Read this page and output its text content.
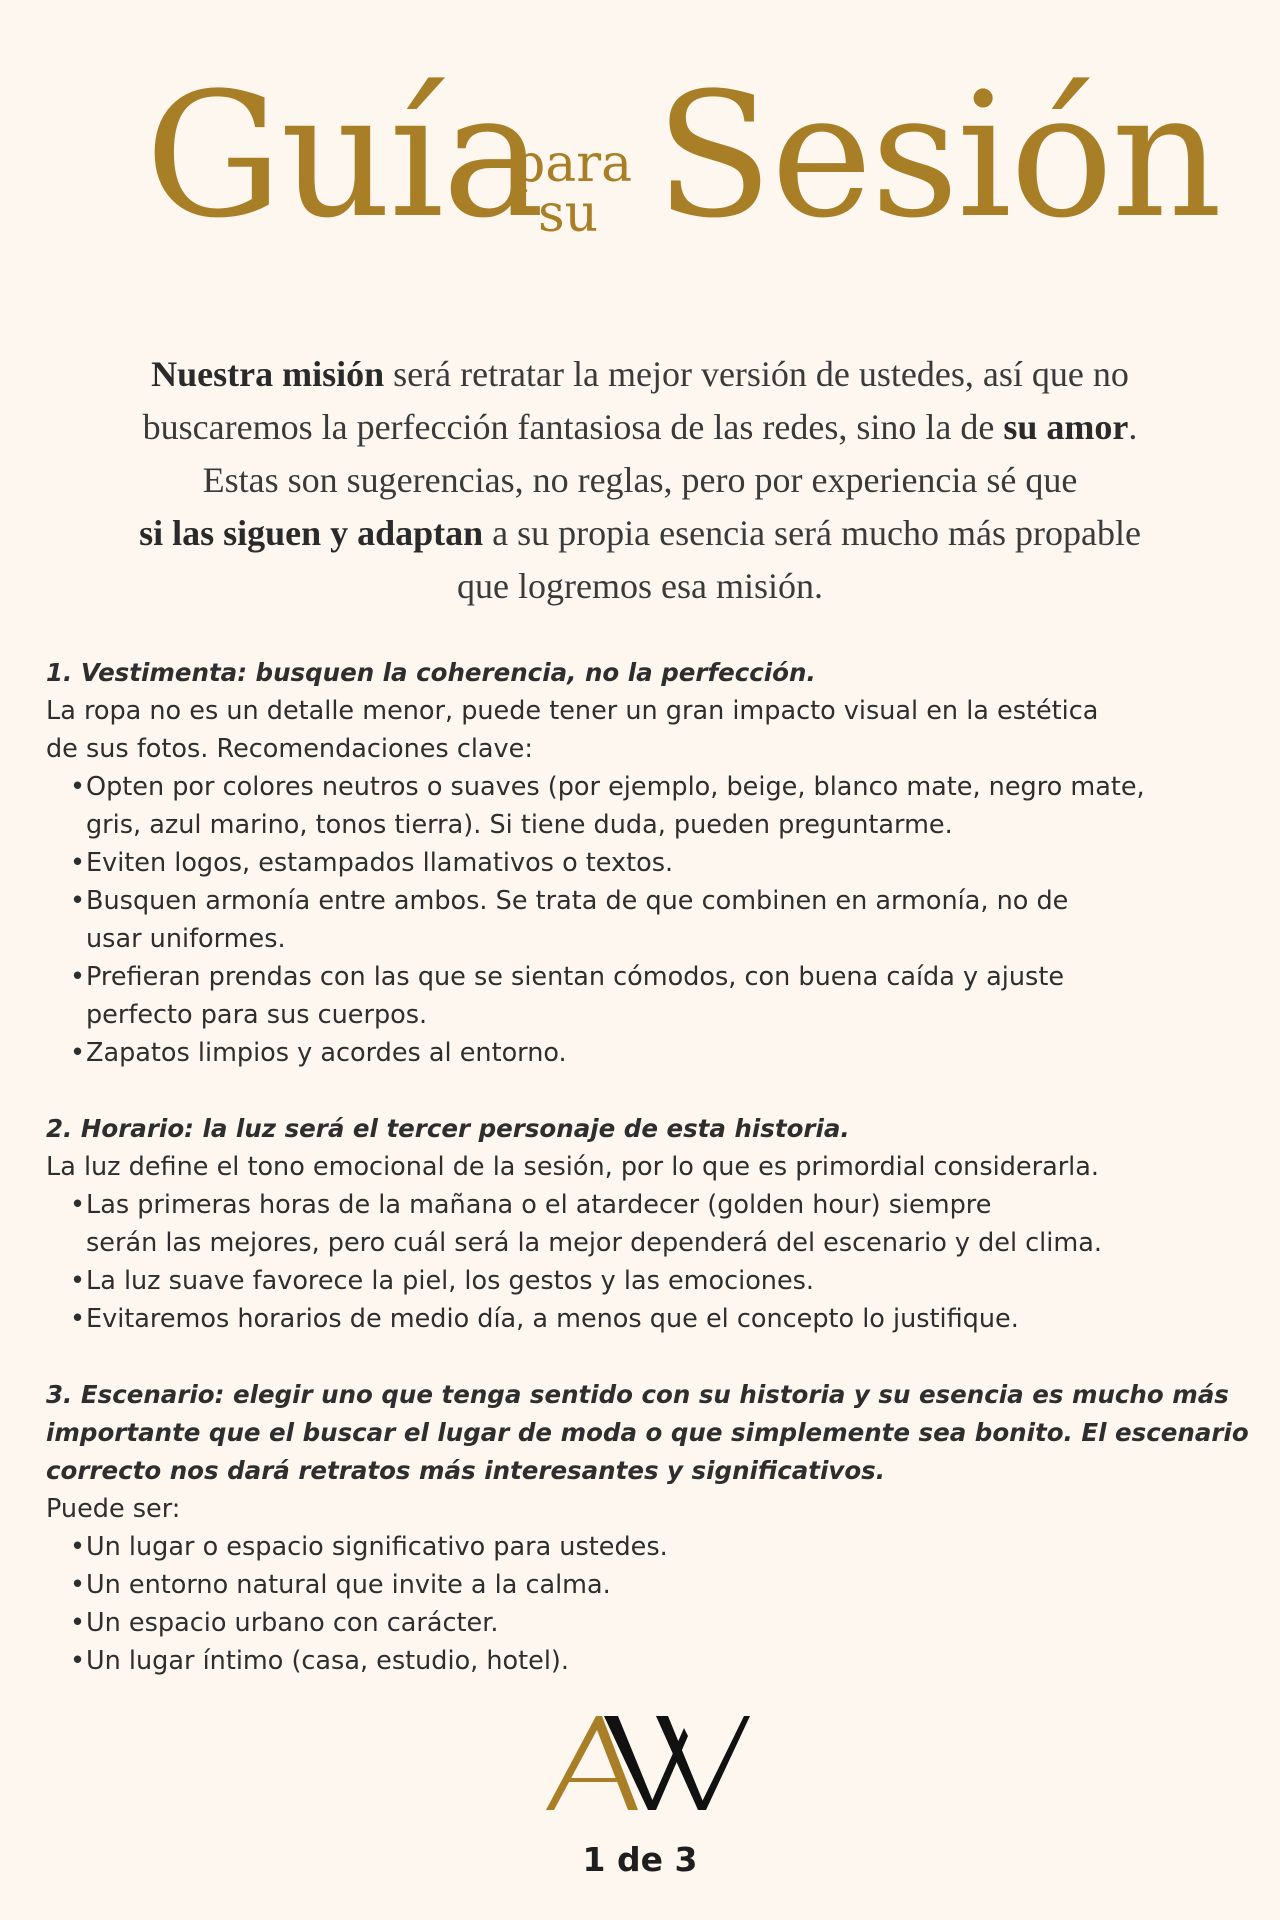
Guía
para
su Sesión

Nuestra misión será retratar la mejor versión de ustedes, así que no

buscaremos la perfección fantasiosa de las redes, sino la de su amor.

Estas son sugerencias, no reglas, pero por experiencia sé que

si las siguen y adaptan a su propia esencia será mucho más propable

que logremos esa misión.

1. Vestimenta: busquen la coherencia, no la perfección.
La ropa no es un detalle menor, puede tener un gran impacto visual en la estética
de sus fotos. Recomendaciones clave:
• Opten por colores neutros o suaves (por ejemplo, beige, blanco mate, negro mate,
gris, azul marino, tonos tierra). Si tiene duda, pueden preguntarme.
• Eviten logos, estampados llamativos o textos.
• Busquen armonía entre ambos. Se trata de que combinen en armonía, no de
usar uniformes.
• Prefieran prendas con las que se sientan cómodos, con buena caída y ajuste
perfecto para sus cuerpos.
• Zapatos limpios y acordes al entorno.
2. Horario: la luz será el tercer personaje de esta historia.
La luz define el tono emocional de la sesión, por lo que es primordial considerarla.
• Las primeras horas de la mañana o el atardecer (golden hour) siempre
serán las mejores, pero cuál será la mejor dependerá del escenario y del clima.
• La luz suave favorece la piel, los gestos y las emociones.
• Evitaremos horarios de medio día, a menos que el concepto lo justifique.
3. Escenario: elegir uno que tenga sentido con su historia y su esencia es mucho más
importante que el buscar el lugar de moda o que simplemente sea bonito. El escenario
correcto nos dará retratos más interesantes y significativos.
Puede ser:
• Un lugar o espacio significativo para ustedes.
• Un entorno natural que invite a la calma.
• Un espacio urbano con carácter.
• Un lugar íntimo (casa, estudio, hotel).
1 de 3
